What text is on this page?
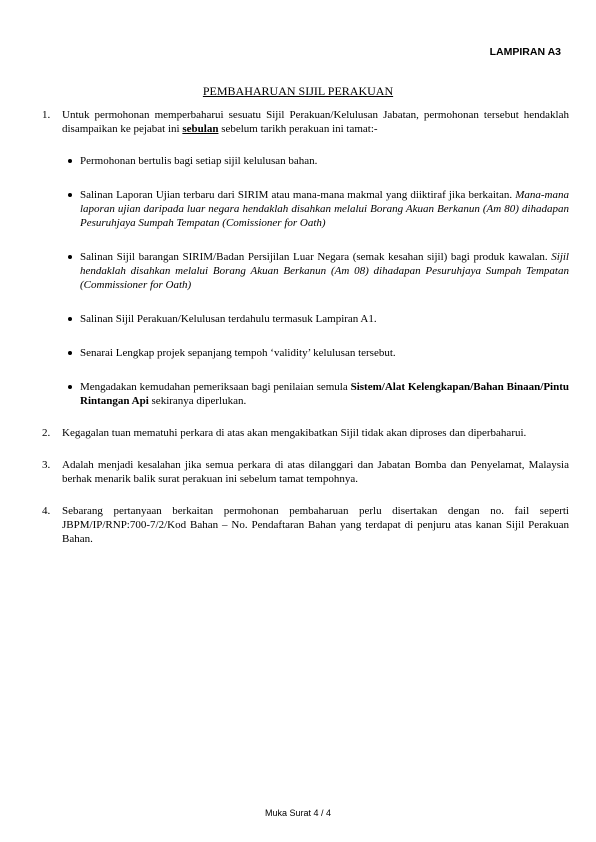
LAMPIRAN A3
PEMBAHARUAN SIJIL PERAKUAN
1. Untuk permohonan memperbaharui sesuatu Sijil Perakuan/Kelulusan Jabatan, permohonan tersebut hendaklah disampaikan ke pejabat ini sebulan sebelum tarikh perakuan ini tamat:-
Permohonan bertulis bagi setiap sijil kelulusan bahan.
Salinan Laporan Ujian terbaru dari SIRIM atau mana-mana makmal yang diiktiraf jika berkaitan. Mana-mana laporan ujian daripada luar negara hendaklah disahkan melalui Borang Akuan Berkanun (Am 80) dihadapan Pesuruhjaya Sumpah Tempatan (Comissioner for Oath)
Salinan Sijil barangan SIRIM/Badan Persijilan Luar Negara (semak kesahan sijil) bagi produk kawalan. Sijil hendaklah disahkan melalui Borang Akuan Berkanun (Am 08) dihadapan Pesuruhjaya Sumpah Tempatan (Commissioner for Oath)
Salinan Sijil Perakuan/Kelulusan terdahulu termasuk Lampiran A1.
Senarai Lengkap projek sepanjang tempoh ‘validity’ kelulusan tersebut.
Mengadakan kemudahan pemeriksaan bagi penilaian semula Sistem/Alat Kelengkapan/Bahan Binaan/Pintu Rintangan Api sekiranya diperlukan.
2. Kegagalan tuan mematuhi perkara di atas akan mengakibatkan Sijil tidak akan diproses dan diperbaharui.
3. Adalah menjadi kesalahan jika semua perkara di atas dilanggari dan Jabatan Bomba dan Penyelamat, Malaysia berhak menarik balik surat perakuan ini sebelum tamat tempohnya.
4. Sebarang pertanyaan berkaitan permohonan pembaharuan perlu disertakan dengan no. fail seperti JBPM/IP/RNP:700-7/2/Kod Bahan – No. Pendaftaran Bahan yang terdapat di penjuru atas kanan Sijil Perakuan Bahan.
Muka Surat 4 / 4
